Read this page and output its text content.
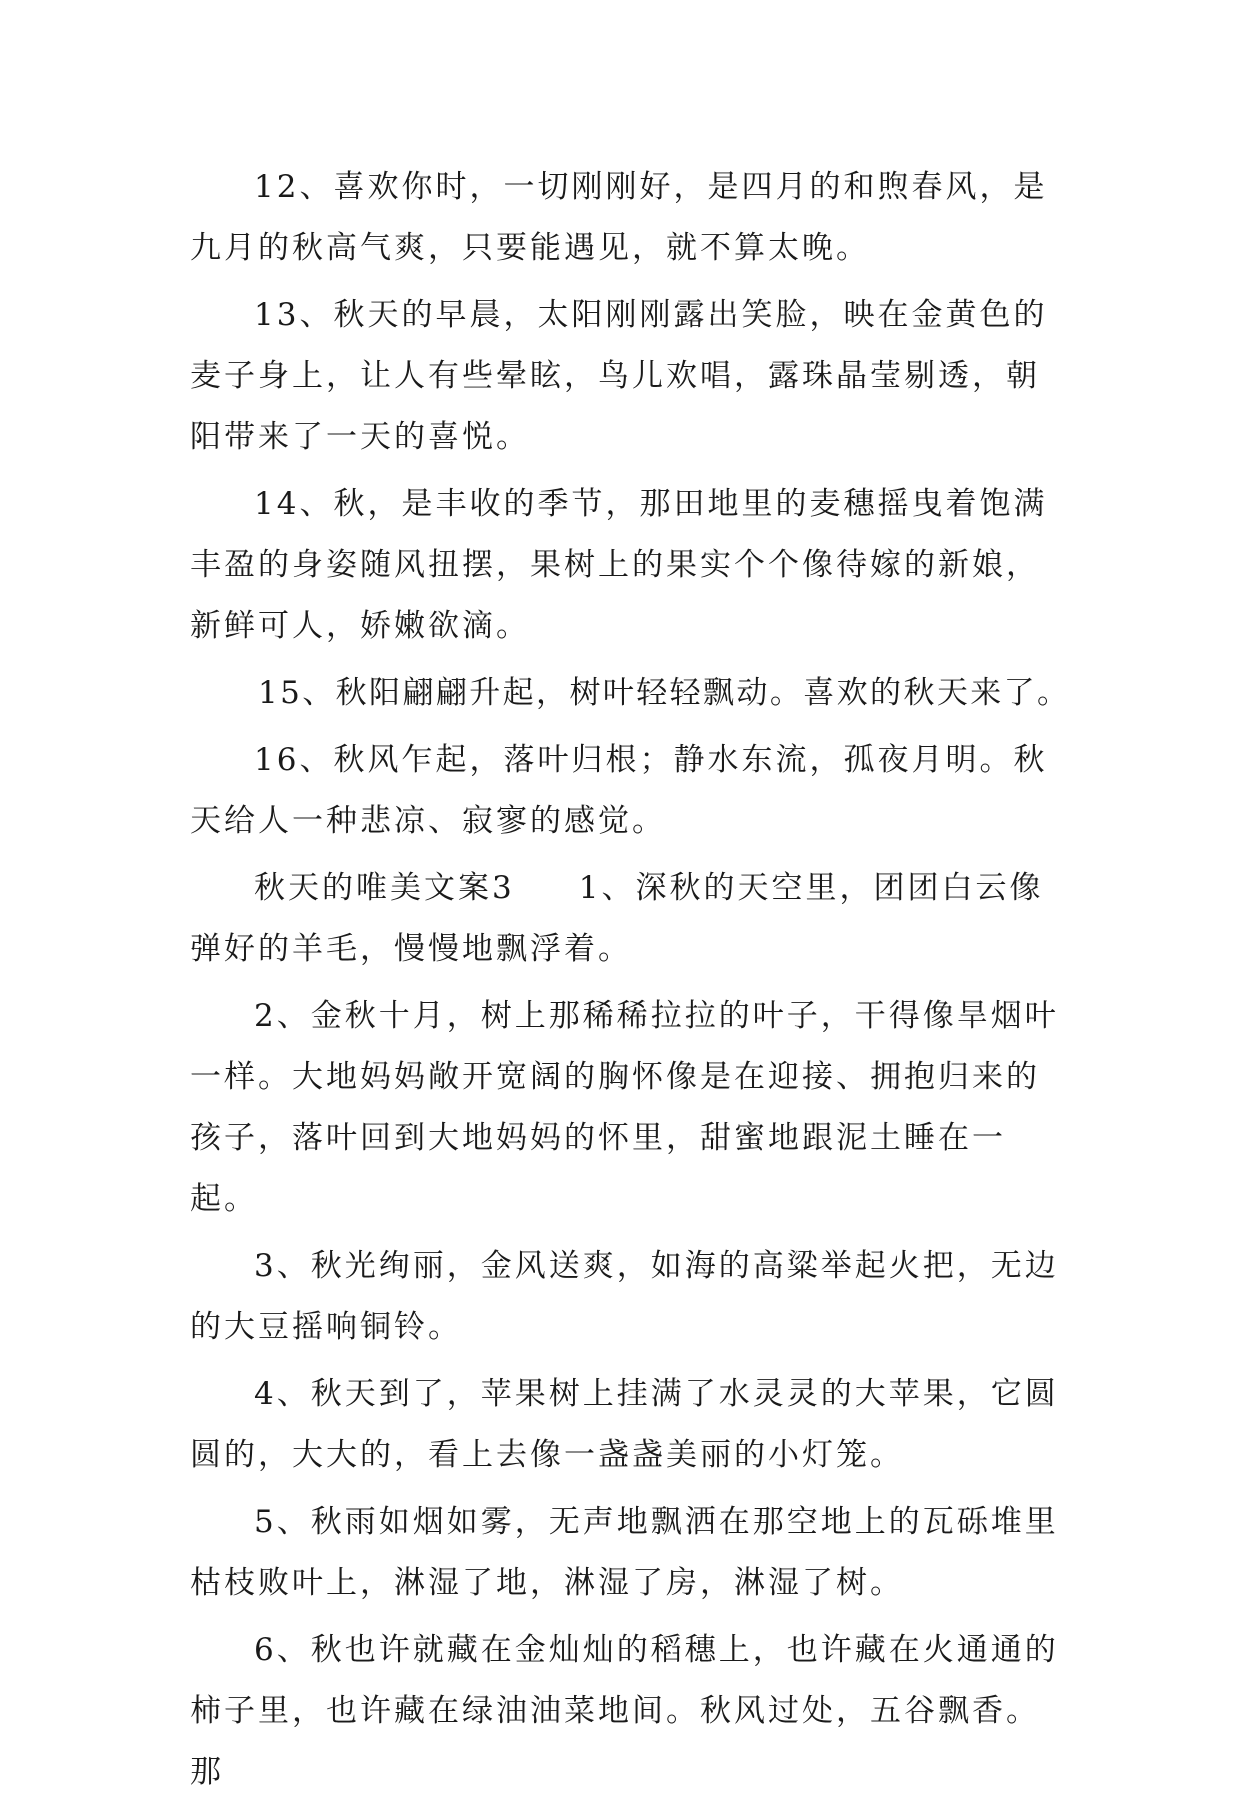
12、喜欢你时，一切刚刚好，是四月的和煦春风，是九月的秋高气爽，只要能遇见，就不算太晚。

13、秋天的早晨，太阳刚刚露出笑脸，映在金黄色的麦子身上，让人有些晕眩，鸟儿欢唱，露珠晶莹剔透，朝阳带来了一天的喜悦。

14、秋，是丰收的季节，那田地里的麦穗摇曳着饱满丰盈的身姿随风扭摆，果树上的果实个个像待嫁的新娘，新鲜可人，娇嫩欲滴。

15、秋阳翩翩升起，树叶轻轻飘动。喜欢的秋天来了。

16、秋风乍起，落叶归根；静水东流，孤夜月明。秋天给人一种悲凉、寂寥的感觉。

秋天的唯美文案3 1、深秋的天空里，团团白云像弹好的羊毛，慢慢地飘浮着。

2、金秋十月，树上那稀稀拉拉的叶子，干得像旱烟叶一样。大地妈妈敞开宽阔的胸怀像是在迎接、拥抱归来的孩子，落叶回到大地妈妈的怀里，甜蜜地跟泥土睡在一起。

3、秋光绚丽，金风送爽，如海的高粱举起火把，无边的大豆摇响铜铃。

4、秋天到了，苹果树上挂满了水灵灵的大苹果，它圆圆的，大大的，看上去像一盏盏美丽的小灯笼。

5、秋雨如烟如雾，无声地飘洒在那空地上的瓦砾堆里枯枝败叶上，淋湿了地，淋湿了房，淋湿了树。

6、秋也许就藏在金灿灿的稻穗上，也许藏在火通通的柿子里，也许藏在绿油油菜地间。秋风过处，五谷飘香。那
